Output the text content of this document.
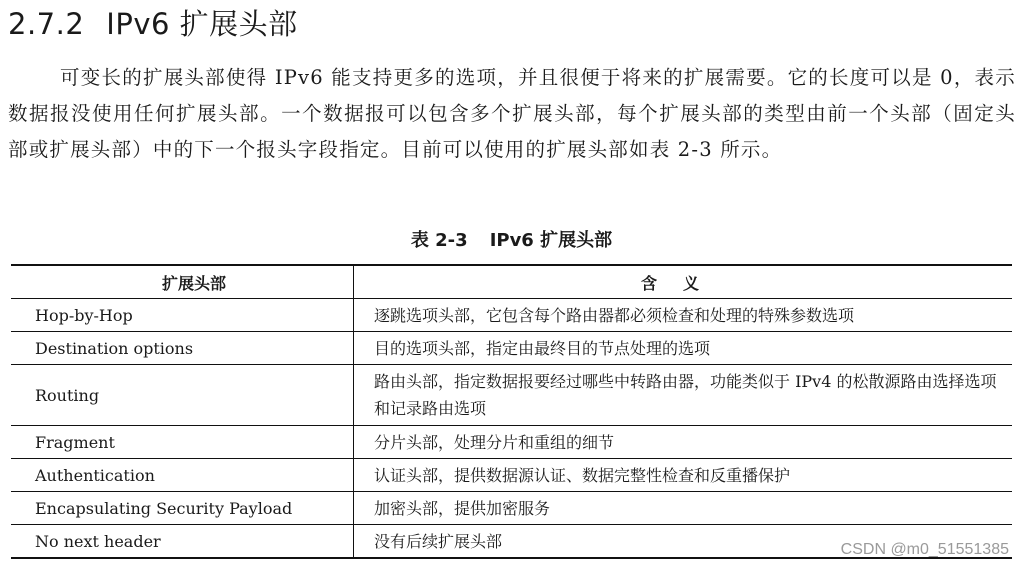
2.7.2 IPv6 扩展头部

可变长的扩展头部使得 IPv6 能支持更多的选项，并且很便于将来的扩展需要。它的长度可以是 0，表示数据报没使用任何扩展头部。一个数据报可以包含多个扩展头部，每个扩展头部的类型由前一个头部（固定头部或扩展头部）中的下一个报头字段指定。目前可以使用的扩展头部如表 2-3 所示。

表 2-3 IPv6 扩展头部
扩展头部	含义
Hop-by-Hop	逐跳选项头部，它包含每个路由器都必须检查和处理的特殊参数选项
Destination options	目的选项头部，指定由最终目的节点处理的选项
Routing	路由头部，指定数据报要经过哪些中转路由器，功能类似于 IPv4 的松散源路由选择选项和记录路由选项
Fragment	分片头部，处理分片和重组的细节
Authentication	认证头部，提供数据源认证、数据完整性检查和反重播保护
Encapsulating Security Payload	加密头部，提供加密服务
No next header	没有后续扩展头部	CSDN @m0_51551385
